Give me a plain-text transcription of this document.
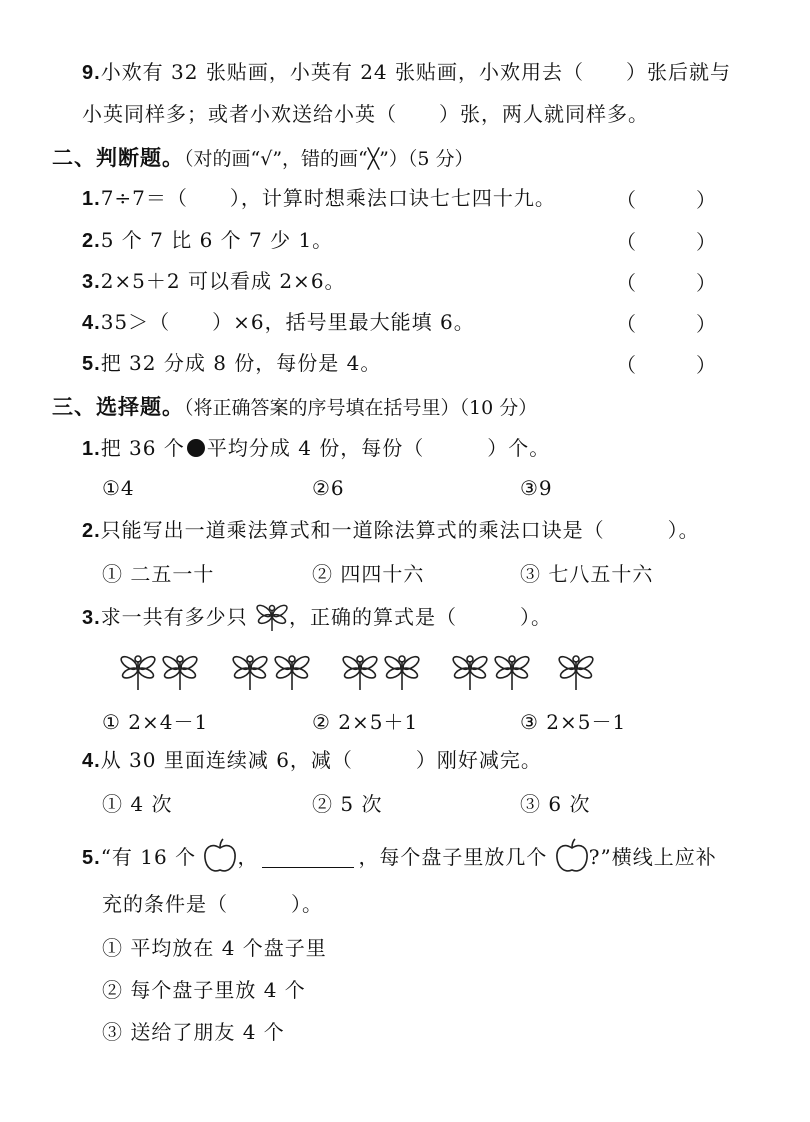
9.小欢有 32 张贴画，小英有 24 张贴画，小欢用去（　　）张后就与
小英同样多；或者小欢送给小英（　　）张，两人就同样多。
二、判断题。（对的画“√”，错的画“╳”）（5 分）
1.7÷7＝（　　），计算时想乘法口诀七七四十九。	（　　　）
2.5 个 7 比 6 个 7 少 1。	（　　　）
3.2×5＋2 可以看成 2×6。	（　　　）
4.35＞（　　）×6，括号里最大能填 6。	（　　　）
5.把 32 分成 8 份，每份是 4。	（　　　）
三、选择题。（将正确答案的序号填在括号里）（10 分）
1.把 36 个 平均分成 4 份，每份（　　　）个。
①4	②6	③9
2.只能写出一道乘法算式和一道除法算式的乘法口诀是（　　　）。
① 二五一十	② 四四十六	③ 七八五十六
3.求一共有多少只 ，正确的算式是（　　　）。
① 2×4－1	② 2×5＋1	③ 2×5－1
4.从 30 里面连续减 6，减（　　　）刚好减完。
① 4 次	② 5 次	③ 6 次
5.“有 16 个 ，	，每个盘子里放几个 ?”横线上应补
充的条件是（　　　）。
① 平均放在 4 个盘子里
② 每个盘子里放 4 个
③ 送给了朋友 4 个
